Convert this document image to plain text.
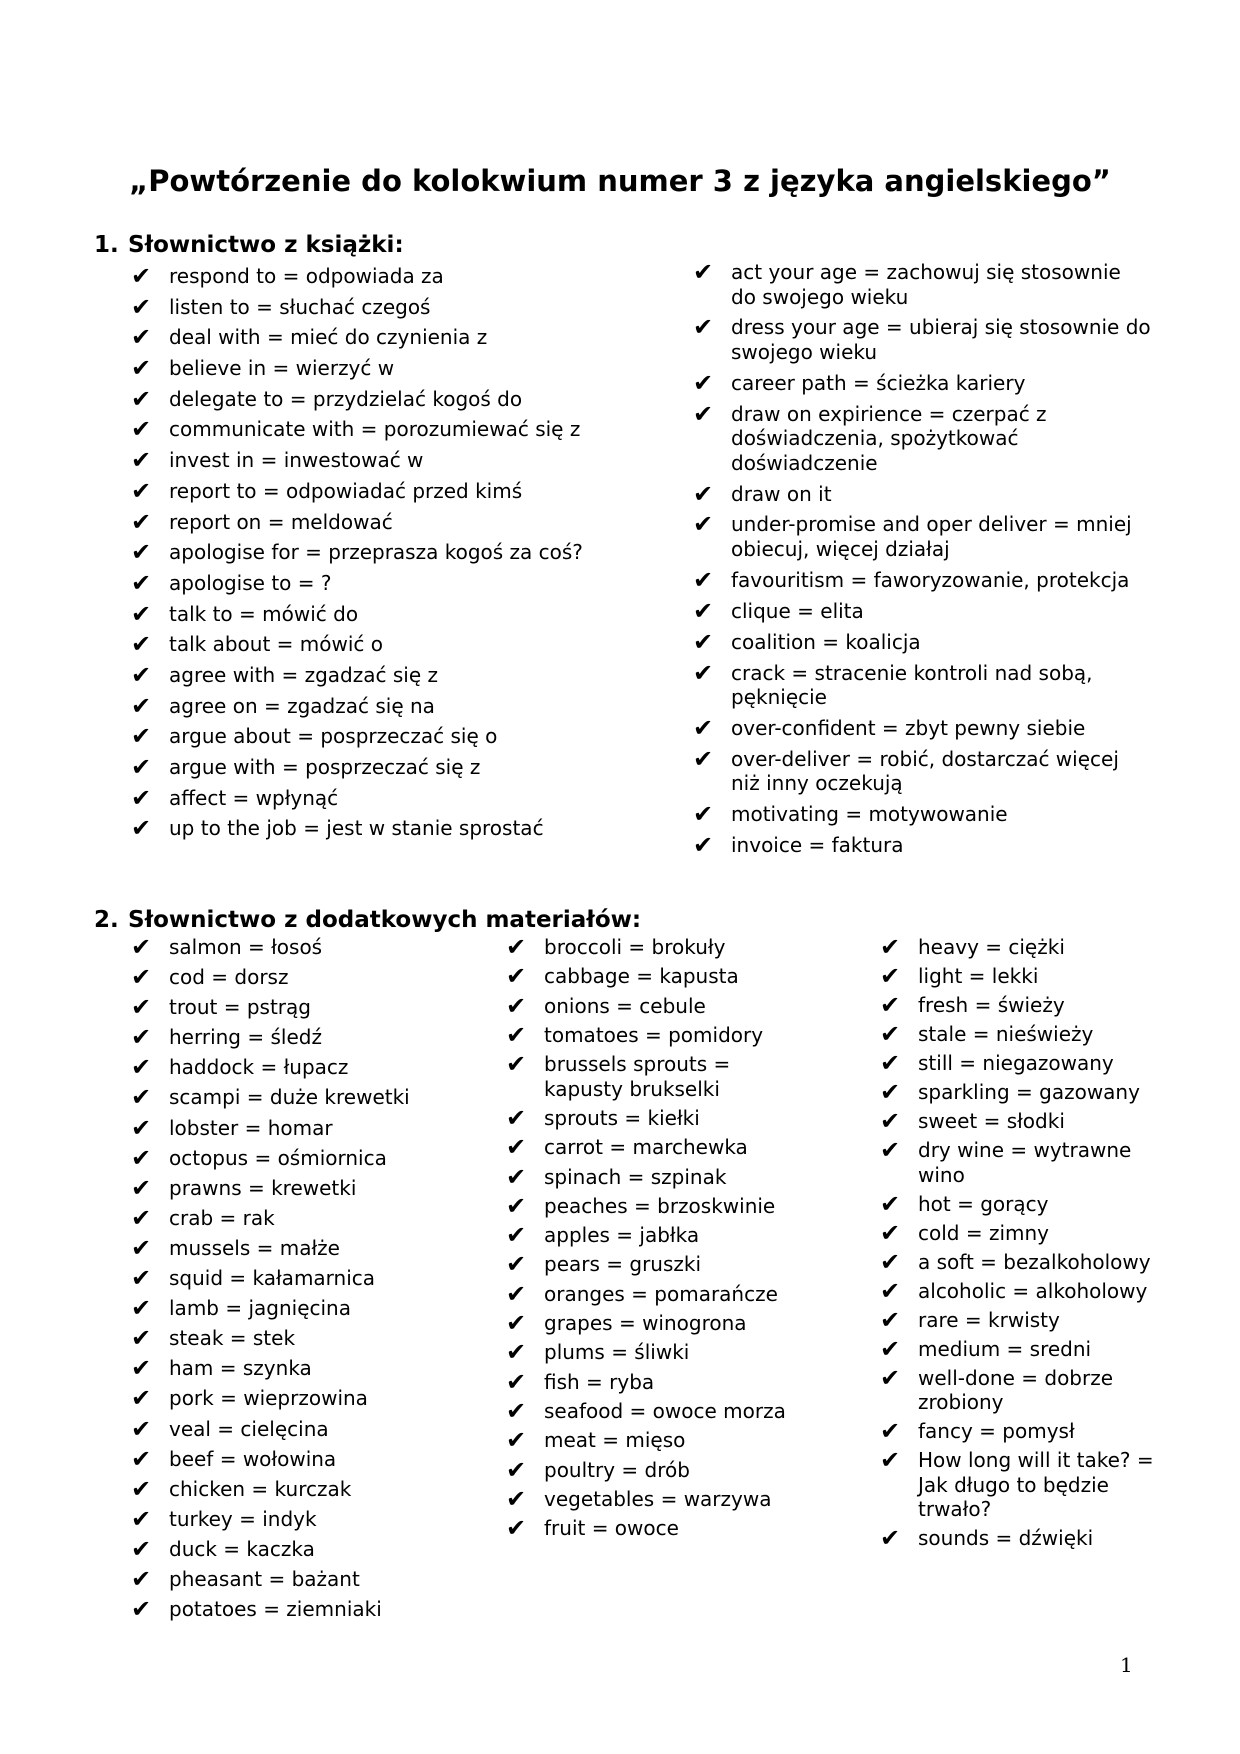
„Powtórzenie do kolokwium numer 3 z języka angielskiego”
1. Słownictwo z książki:
✔ respond to = odpowiada za
✔ listen to = słuchać czegoś
✔ deal with = mieć do czynienia z
✔ believe in = wierzyć w
✔ delegate to = przydzielać kogoś do
✔ communicate with = porozumiewać się z
✔ invest in = inwestować w
✔ report to = odpowiadać przed kimś
✔ report on = meldować
✔ apologise for = przeprasza kogoś za coś?
✔ apologise to = ?
✔ talk to = mówić do
✔ talk about = mówić o
✔ agree with = zgadzać się z
✔ agree on = zgadzać się na
✔ argue about = posprzeczać się o
✔ argue with = posprzeczać się z
✔ affect = wpłynąć
✔ up to the job = jest w stanie sprostać
✔ act your age = zachowuj się stosownie do swojego wieku
✔ dress your age = ubieraj się stosownie do swojego wieku
✔ career path = ścieżka kariery
✔ draw on expirience = czerpać z doświadczenia, spożytkować doświadczenie
✔ draw on it
✔ under-promise and oper deliver = mniej obiecuj, więcej działaj
✔ favouritism = faworyzowanie, protekcja
✔ clique = elita
✔ coalition = koalicja
✔ crack = stracenie kontroli nad sobą, pęknięcie
✔ over-confident = zbyt pewny siebie
✔ over-deliver = robić, dostarczać więcej niż inny oczekują
✔ motivating = motywowanie
✔ invoice = faktura
2. Słownictwo z dodatkowych materiałów:
✔ salmon = łosoś
✔ cod = dorsz
✔ trout = pstrąg
✔ herring = śledź
✔ haddock = łupacz
✔ scampi = duże krewetki
✔ lobster = homar
✔ octopus = ośmiornica
✔ prawns = krewetki
✔ crab = rak
✔ mussels = małże
✔ squid = kałamarnica
✔ lamb = jagnięcina
✔ steak = stek
✔ ham = szynka
✔ pork = wieprzowina
✔ veal = cielęcina
✔ beef = wołowina
✔ chicken = kurczak
✔ turkey = indyk
✔ duck = kaczka
✔ pheasant = bażant
✔ potatoes = ziemniaki
✔ broccoli = brokuły
✔ cabbage = kapusta
✔ onions = cebule
✔ tomatoes = pomidory
✔ brussels sprouts = kapusty brukselki
✔ sprouts = kiełki
✔ carrot = marchewka
✔ spinach = szpinak
✔ peaches = brzoskwinie
✔ apples = jabłka
✔ pears = gruszki
✔ oranges = pomarańcze
✔ grapes = winogrona
✔ plums = śliwki
✔ fish = ryba
✔ seafood = owoce morza
✔ meat = mięso
✔ poultry = drób
✔ vegetables = warzywa
✔ fruit = owoce
✔ heavy = ciężki
✔ light = lekki
✔ fresh = świeży
✔ stale = nieświeży
✔ still = niegazowany
✔ sparkling = gazowany
✔ sweet = słodki
✔ dry wine = wytrawne wino
✔ hot = gorący
✔ cold = zimny
✔ a soft = bezalkoholowy
✔ alcoholic = alkoholowy
✔ rare = krwisty
✔ medium = sredni
✔ well-done = dobrze zrobiony
✔ fancy = pomysł
✔ How long will it take? = Jak długo to będzie trwało?
✔ sounds = dźwięki
1
